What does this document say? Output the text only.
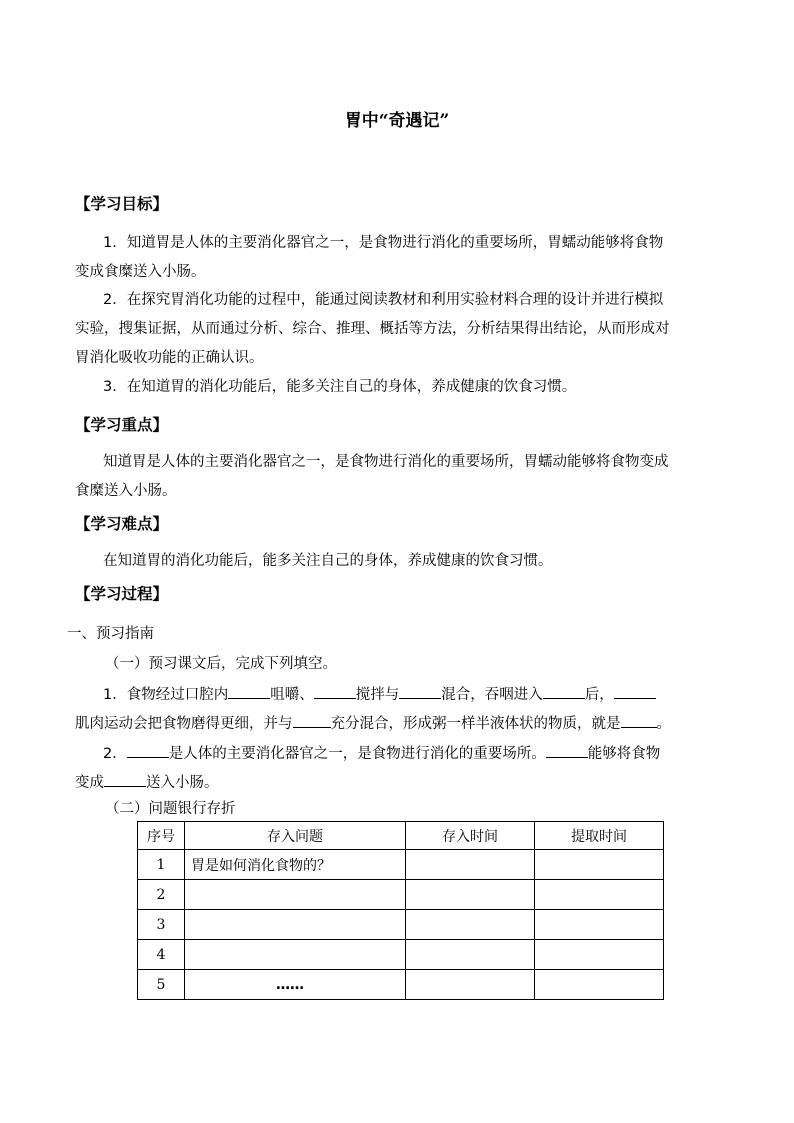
胃中“奇遇记”
【学习目标】
1．知道胃是人体的主要消化器官之一，是食物进行消化的重要场所，胃蠕动能够将食物
变成食糜送入小肠。
2．在探究胃消化功能的过程中，能通过阅读教材和利用实验材料合理的设计并进行模拟
实验，搜集证据，从而通过分析、综合、推理、概括等方法，分析结果得出结论，从而形成对
胃消化吸收功能的正确认识。
3．在知道胃的消化功能后，能多关注自己的身体，养成健康的饮食习惯。
【学习重点】
知道胃是人体的主要消化器官之一，是食物进行消化的重要场所，胃蠕动能够将食物变成
食糜送入小肠。
【学习难点】
在知道胃的消化功能后，能多关注自己的身体，养成健康的饮食习惯。
【学习过程】
一、预习指南
（一）预习课文后，完成下列填空。
1．食物经过口腔内	咀嚼、	搅拌与	混合，吞咽进入	后，
肌肉运动会把食物磨得更细，并与	充分混合，形成粥一样半液体状的物质，就是 。
2．	是人体的主要消化器官之一，是食物进行消化的重要场所。	能够将食物
变成	送入小肠。
（二）问题银行存折
序号	存入问题	存入时间	提取时间
1	胃是如何消化食物的？		
2			
3			
4			
5	……		
